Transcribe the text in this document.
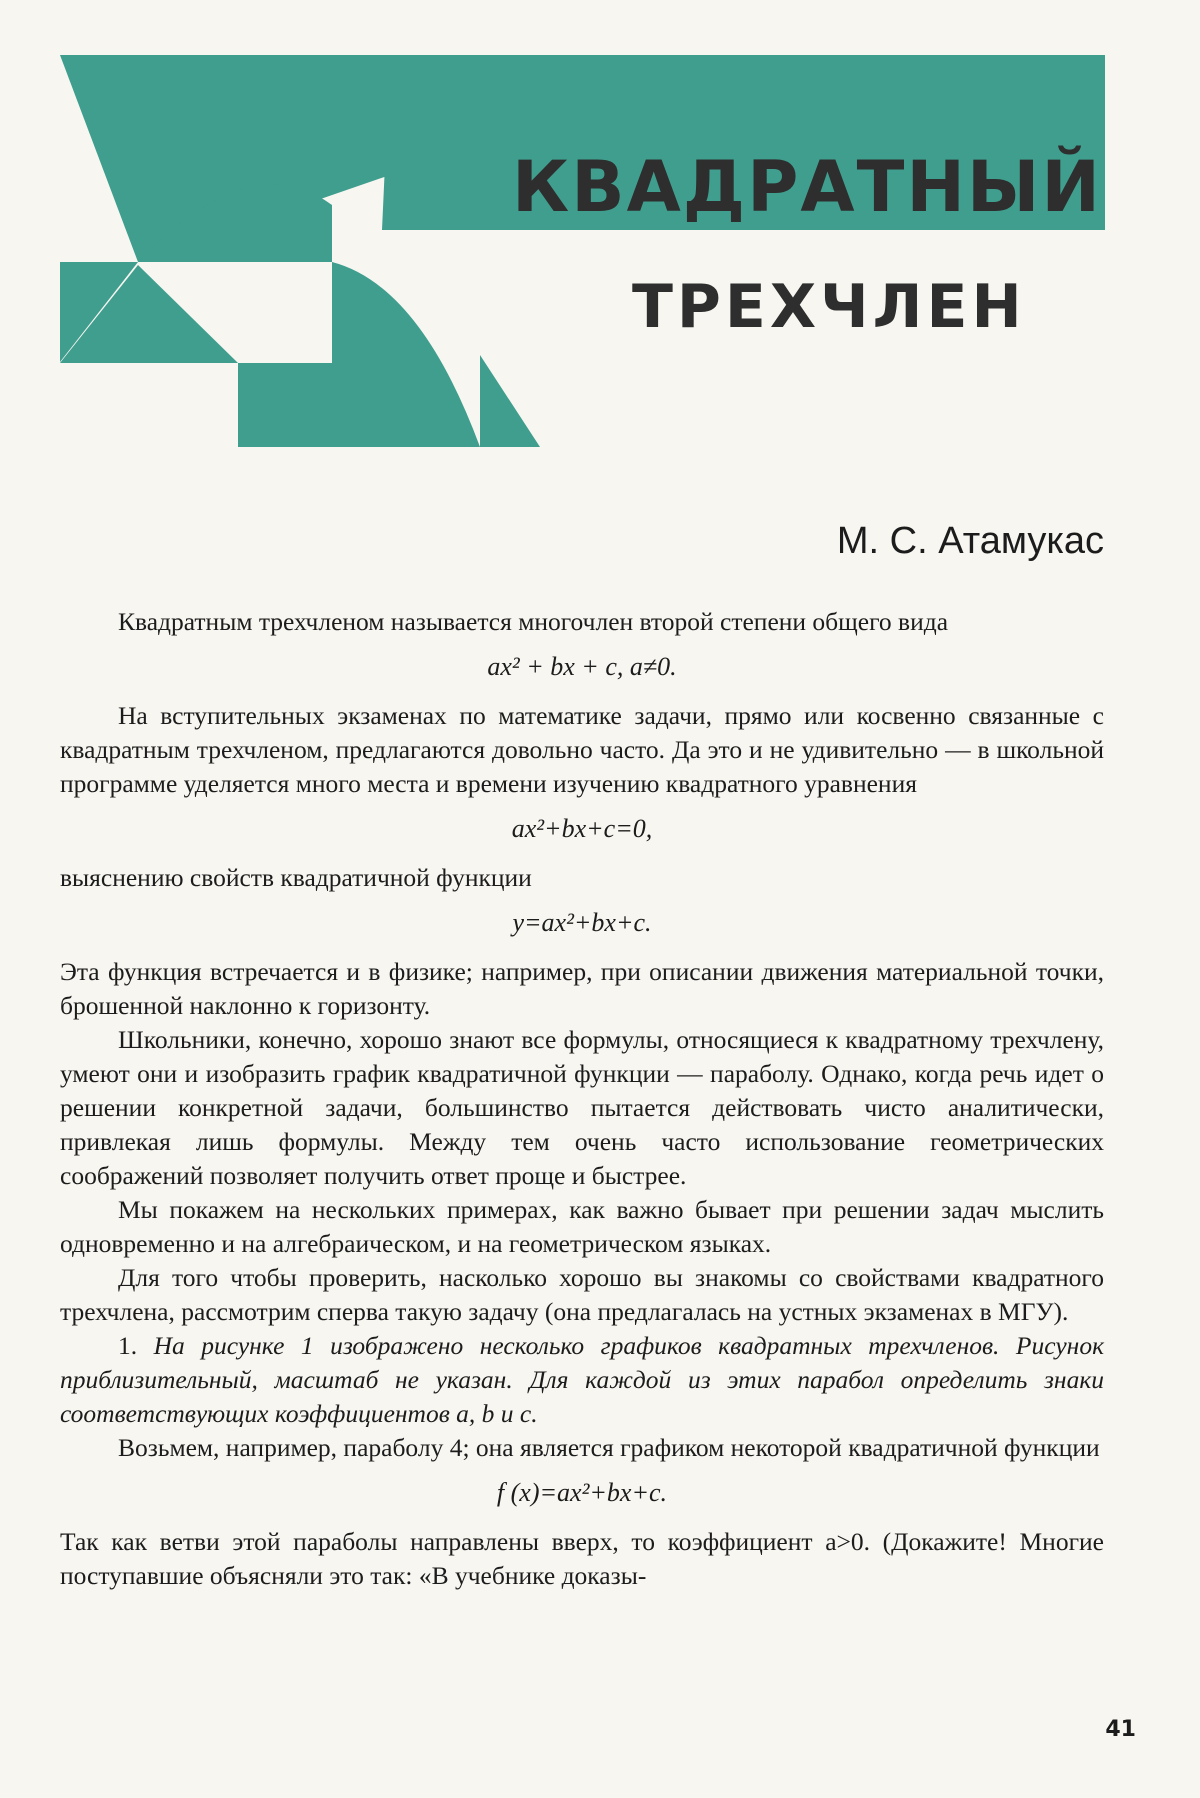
КВАДРАТНЫЙ
ТРЕХЧЛЕН
М. С. Атамукас

Квадратным трехчленом называется многочлен второй степени общего вида

ax² + bx + c, a≠0.

На вступительных экзаменах по математике задачи, прямо или косвенно связанные с квадратным трехчленом, предлагаются довольно часто. Да это и не удивительно — в школьной программе уделяется много места и времени изучению квадратного уравнения

ax²+bx+c=0,

выяснению свойств квадратичной функции

y=ax²+bx+c.

Эта функция встречается и в физике; например, при описании движения материальной точки, брошенной наклонно к горизонту.

Школьники, конечно, хорошо знают все формулы, относящиеся к квадратному трехчлену, умеют они и изобразить график квадратичной функции — параболу. Однако, когда речь идет о решении конкретной задачи, большинство пытается действовать чисто аналитически, привлекая лишь формулы. Между тем очень часто использование геометрических соображений позволяет получить ответ проще и быстрее.

Мы покажем на нескольких примерах, как важно бывает при решении задач мыслить одновременно и на алгебраическом, и на геометрическом языках.

Для того чтобы проверить, насколько хорошо вы знакомы со свойствами квадратного трехчлена, рассмотрим сперва такую задачу (она предлагалась на устных экзаменах в МГУ).

1. На рисунке 1 изображено несколько графиков квадратных трехчленов. Рисунок приблизительный, масштаб не указан. Для каждой из этих парабол определить знаки соответствующих коэффициентов a, b и c.

Возьмем, например, параболу 4; она является графиком некоторой квадратичной функции

f (x)=ax²+bx+c.

Так как ветви этой параболы направлены вверх, то коэффициент a>0. (Докажите! Многие поступавшие объясняли это так: «В учебнике доказы-

41
